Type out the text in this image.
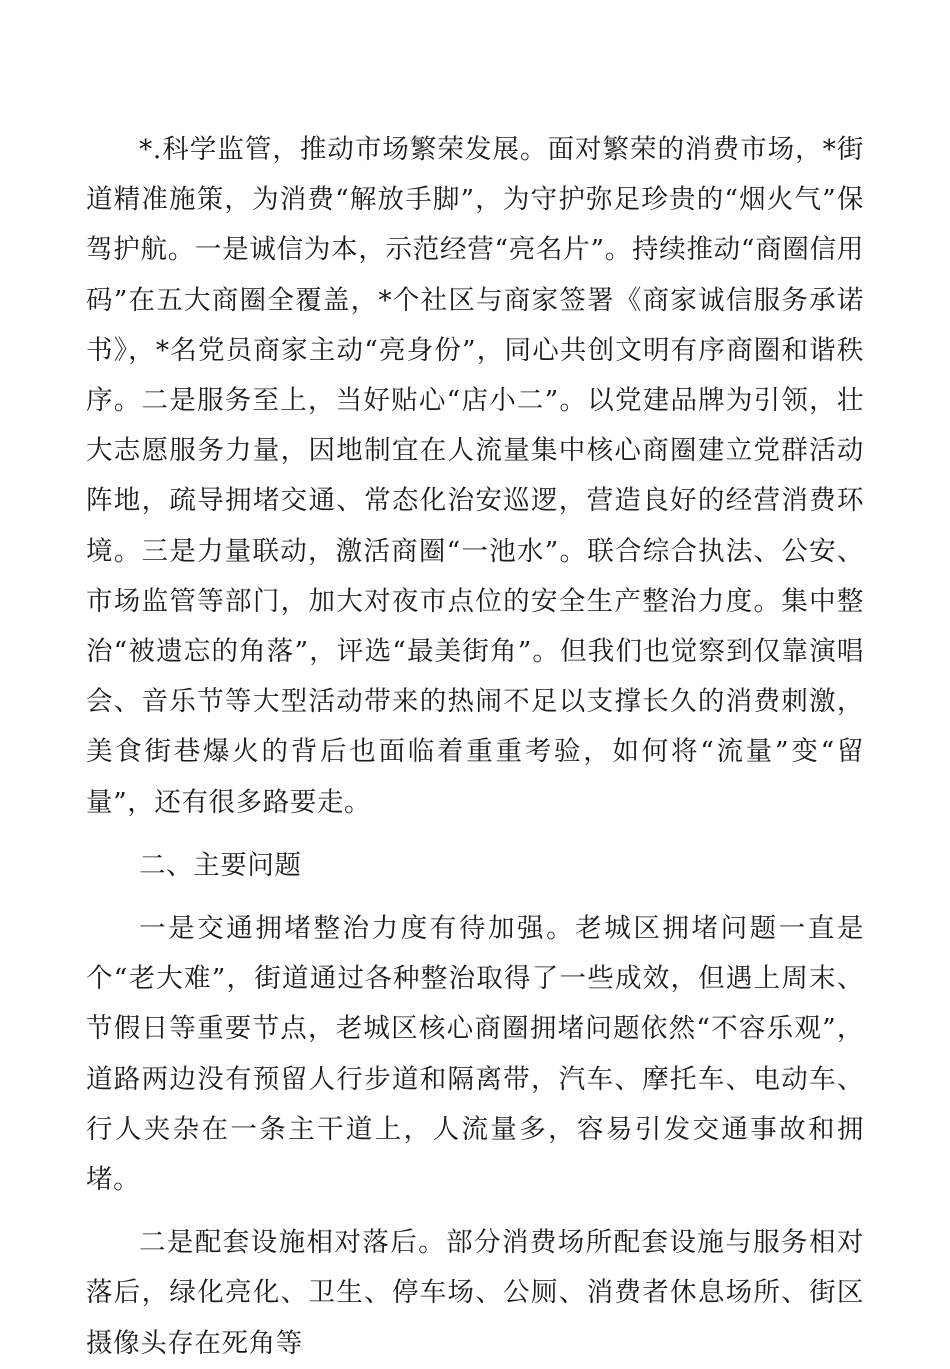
*.科学监管，推动市场繁荣发展。面对繁荣的消费市场，*街道精准施策，为消费“解放手脚”，为守护弥足珍贵的“烟火气”保驾护航。一是诚信为本，示范经营“亮名片”。持续推动“商圈信用码”在五大商圈全覆盖，*个社区与商家签署《商家诚信服务承诺书》，*名党员商家主动“亮身份”，同心共创文明有序商圈和谐秩序。二是服务至上，当好贴心“店小二”。以党建品牌为引领，壮大志愿服务力量，因地制宜在人流量集中核心商圈建立党群活动阵地，疏导拥堵交通、常态化治安巡逻，营造良好的经营消费环境。三是力量联动，激活商圈“一池水”。联合综合执法、公安、市场监管等部门，加大对夜市点位的安全生产整治力度。集中整治“被遗忘的角落”，评选“最美街角”。但我们也觉察到仅靠演唱会、音乐节等大型活动带来的热闹不足以支撑长久的消费刺激，美食街巷爆火的背后也面临着重重考验，如何将“流量”变“留量”，还有很多路要走。

二、主要问题

一是交通拥堵整治力度有待加强。老城区拥堵问题一直是个“老大难”，街道通过各种整治取得了一些成效，但遇上周末、节假日等重要节点，老城区核心商圈拥堵问题依然“不容乐观”，道路两边没有预留人行步道和隔离带，汽车、摩托车、电动车、行人夹杂在一条主干道上，人流量多，容易引发交通事故和拥堵。

二是配套设施相对落后。部分消费场所配套设施与服务相对落后，绿化亮化、卫生、停车场、公厕、消费者休息场所、街区摄像头存在死角等
